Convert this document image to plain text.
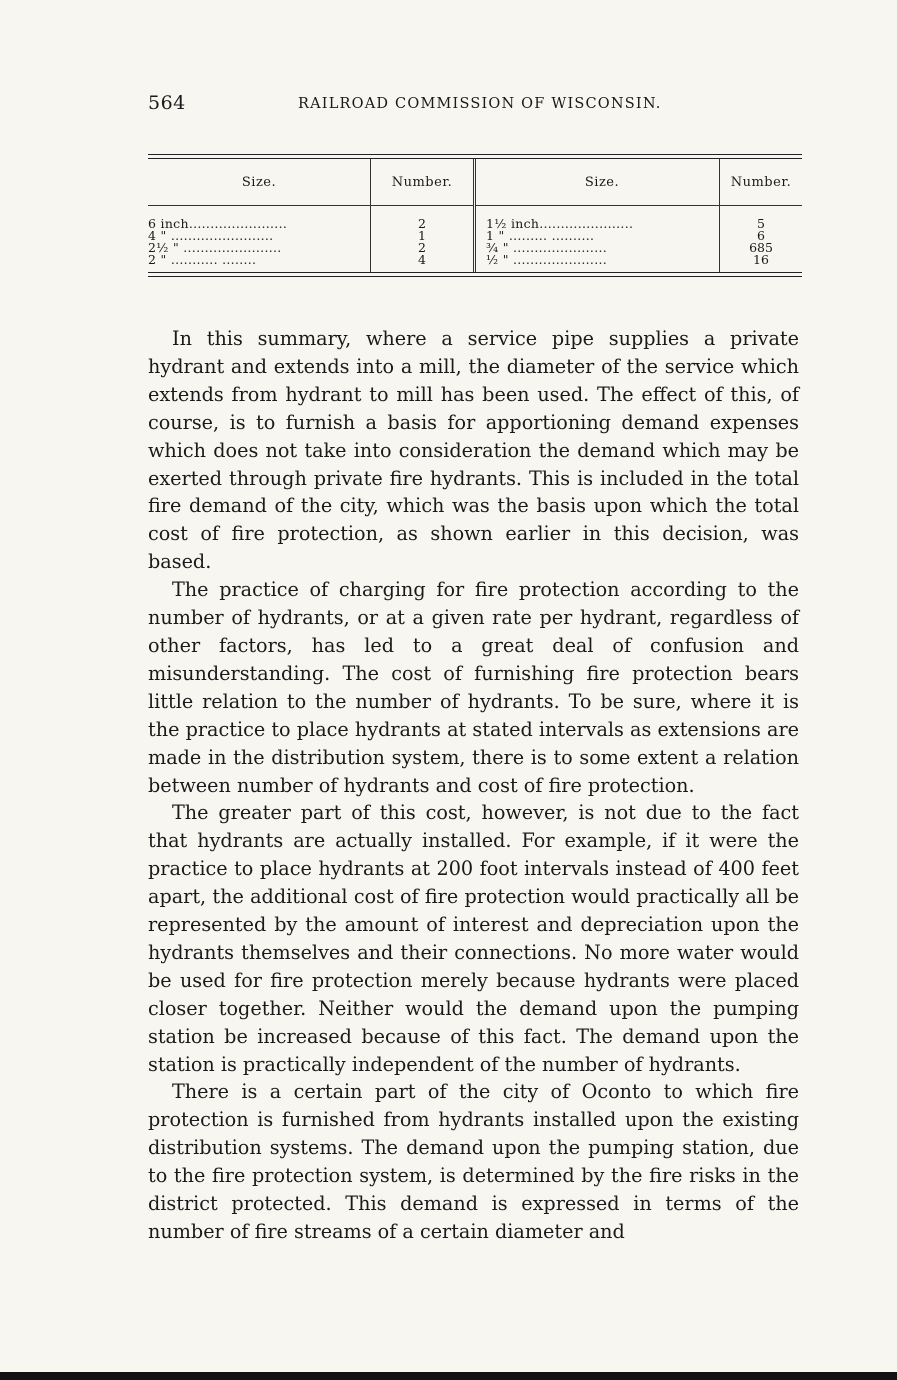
564	RAILROAD COMMISSION OF WISCONSIN.
Size.	Number.	Size.	Number.
6 inch.......................	2	1½ inch......................	5
4 " ........................	1	1 " ......... ..........	6
2½ " .......................	2	¾ " ......................	685
2 " ........... ........	4	½ " ......................	16

In this summary, where a service pipe supplies a private hydrant and extends into a mill, the diameter of the service which extends from hydrant to mill has been used. The effect of this, of course, is to furnish a basis for apportioning demand expenses which does not take into consideration the demand which may be exerted through private fire hydrants. This is included in the total fire demand of the city, which was the basis upon which the total cost of fire protection, as shown earlier in this decision, was based.

The practice of charging for fire protection according to the number of hydrants, or at a given rate per hydrant, regardless of other factors, has led to a great deal of confusion and misunderstanding. The cost of furnishing fire protection bears little relation to the number of hydrants. To be sure, where it is the practice to place hydrants at stated intervals as extensions are made in the distribution system, there is to some extent a relation between number of hydrants and cost of fire protection.

The greater part of this cost, however, is not due to the fact that hydrants are actually installed. For example, if it were the practice to place hydrants at 200 foot intervals instead of 400 feet apart, the additional cost of fire protection would practically all be represented by the amount of interest and depreciation upon the hydrants themselves and their connections. No more water would be used for fire protection merely because hydrants were placed closer together. Neither would the demand upon the pumping station be increased because of this fact. The demand upon the station is practically independent of the number of hydrants.

There is a certain part of the city of Oconto to which fire protection is furnished from hydrants installed upon the existing distribution systems. The demand upon the pumping station, due to the fire protection system, is determined by the fire risks in the district protected. This demand is expressed in terms of the number of fire streams of a certain diameter and
